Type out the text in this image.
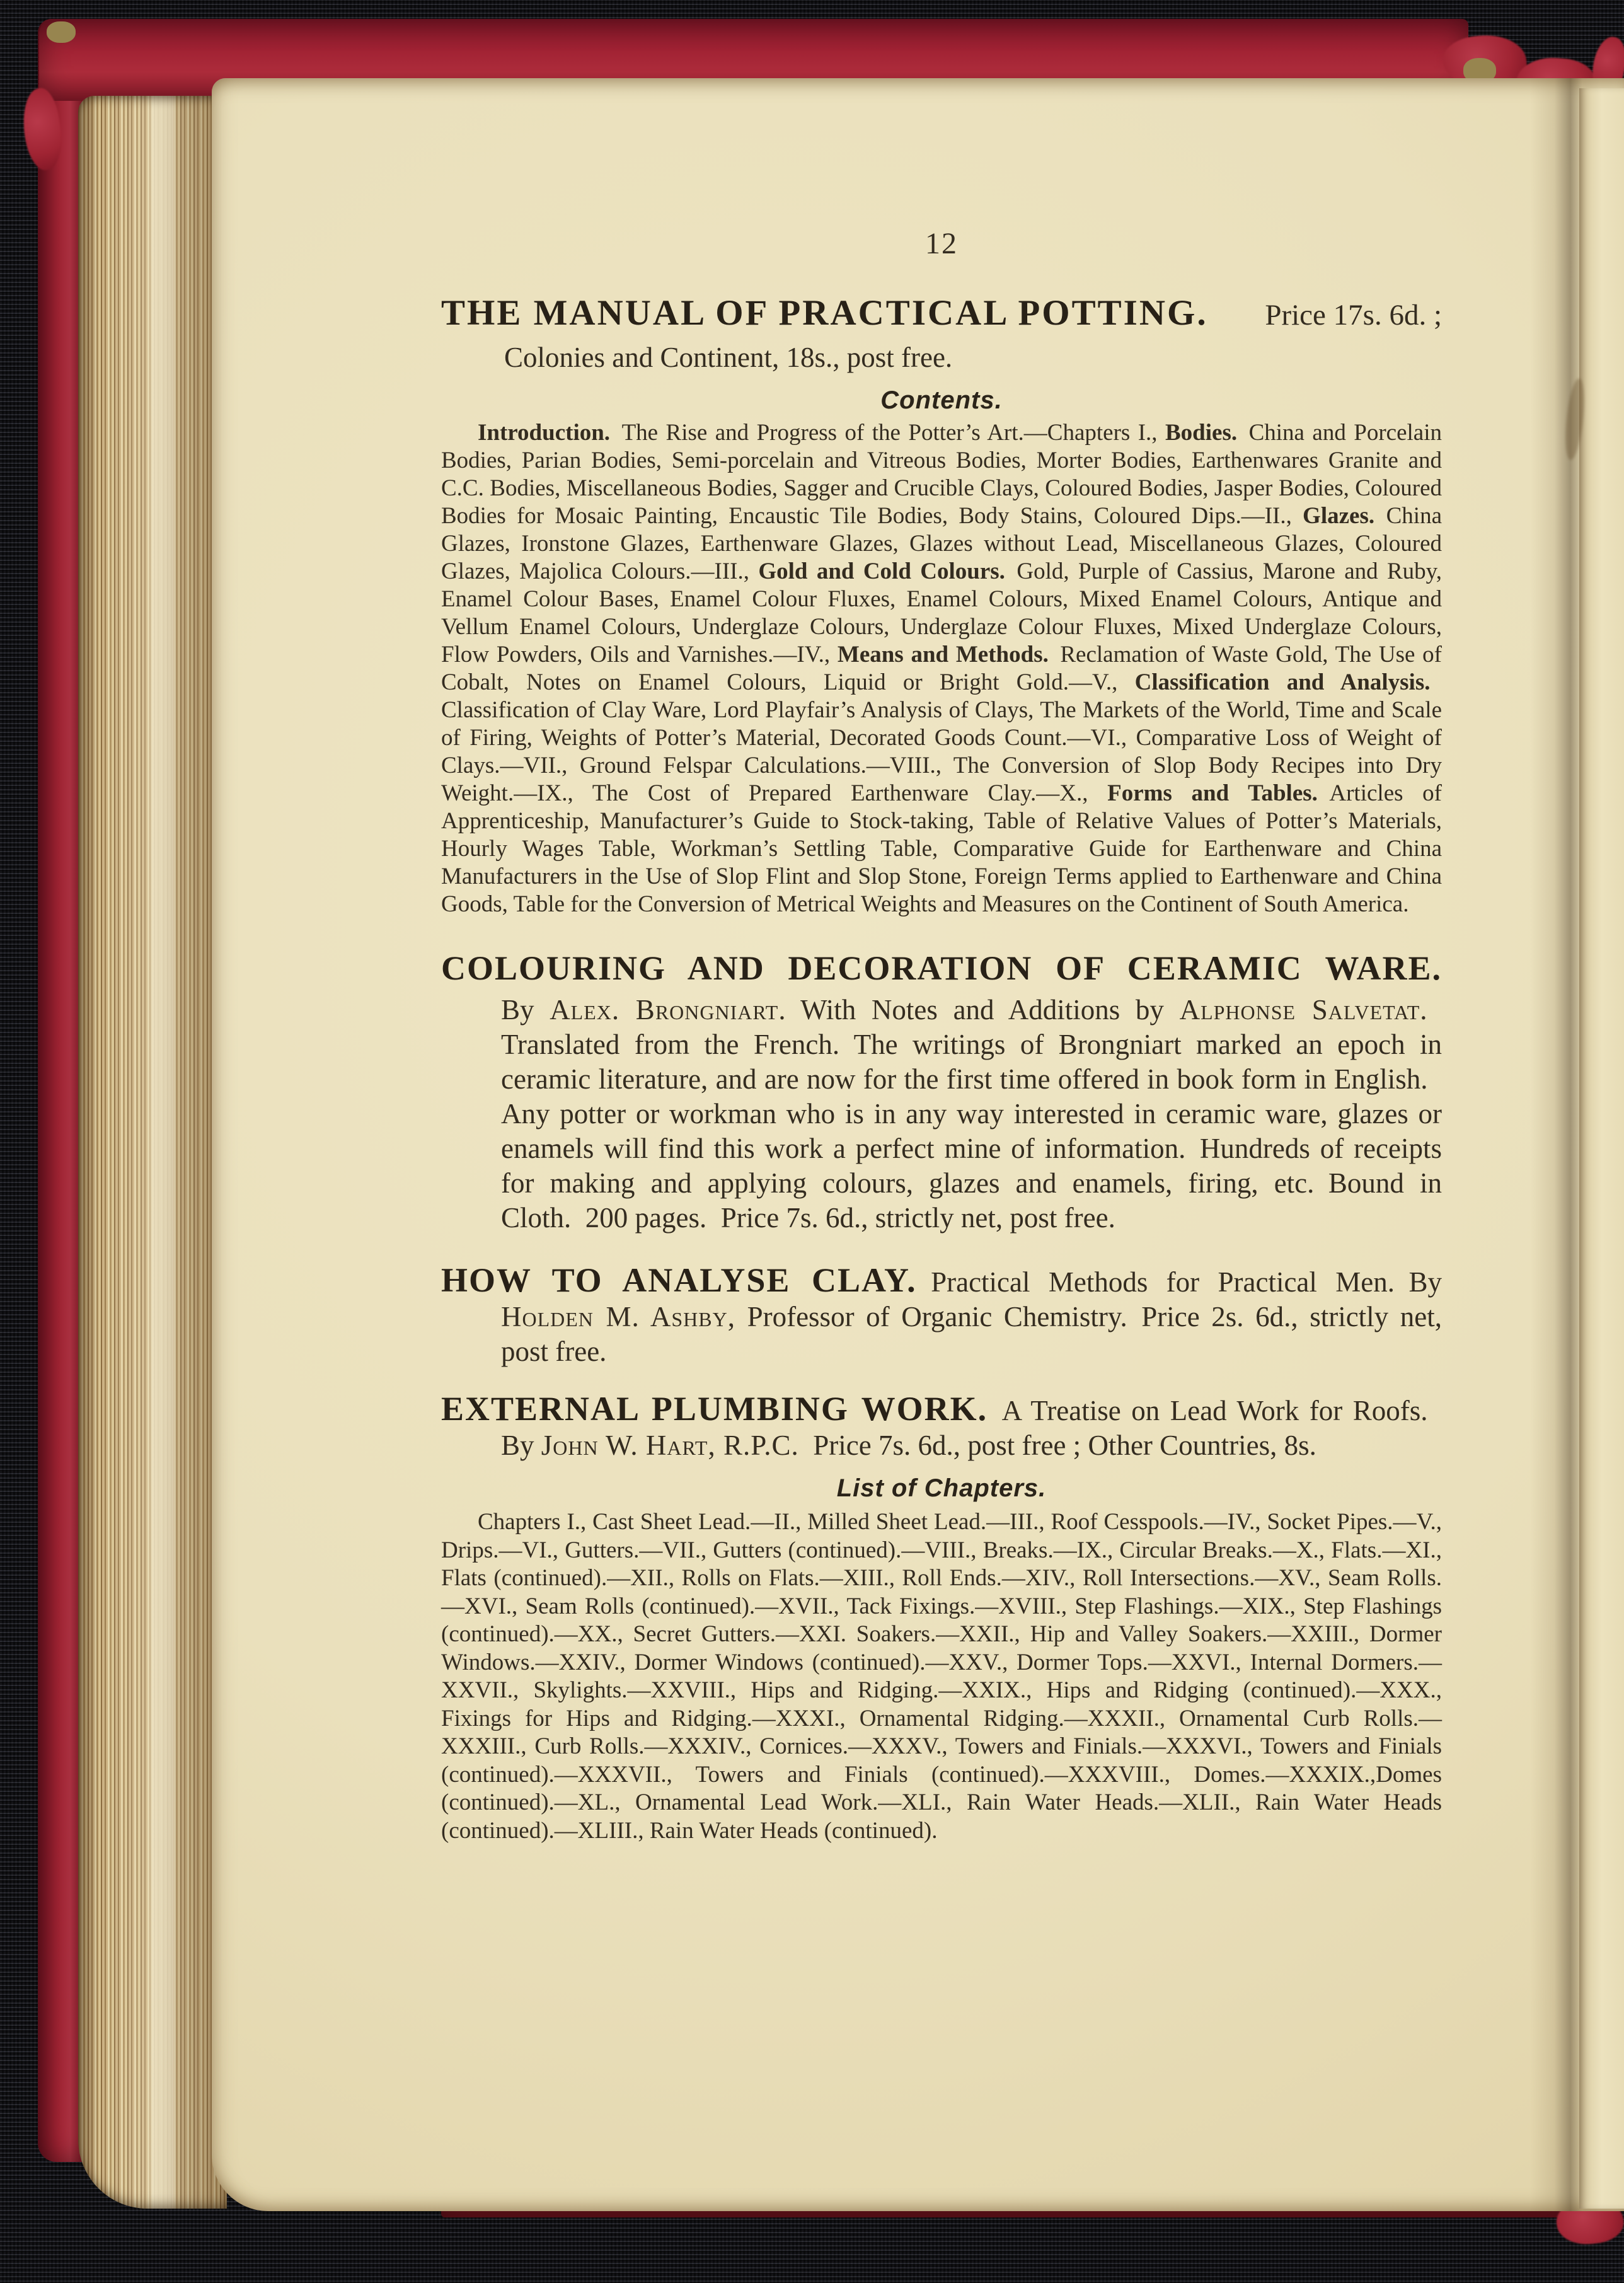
12
THE MANUAL OF PRACTICAL POTTING. Price 17s. 6d. ;
Colonies and Continent, 18s., post free.
Contents.

Introduction. The Rise and Progress of the Potter’s Art.—Chapters I., Bodies. China and Porcelain Bodies, Parian Bodies, Semi-porcelain and Vitreous Bodies, Morter Bodies, Earthenwares Granite and C.C. Bodies, Miscellaneous Bodies, Sagger and Crucible Clays, Coloured Bodies, Jasper Bodies, Coloured Bodies for Mosaic Painting, Encaustic Tile Bodies, Body Stains, Coloured Dips.—II., Glazes. China Glazes, Ironstone Glazes, Earthenware Glazes, Glazes without Lead, Miscellaneous Glazes, Coloured Glazes, Majolica Colours.—III., Gold and Cold Colours. Gold, Purple of Cassius, Marone and Ruby, Enamel Colour Bases, Enamel Colour Fluxes, Enamel Colours, Mixed Enamel Colours, Antique and Vellum Enamel Colours, Underglaze Colours, Underglaze Colour Fluxes, Mixed Underglaze Colours, Flow Powders, Oils and Varnishes.—IV., Means and Methods. Reclamation of Waste Gold, The Use of Cobalt, Notes on Enamel Colours, Liquid or Bright Gold.—V., Classification and Analysis. Classification of Clay Ware, Lord Playfair’s Analysis of Clays, The Markets of the World, Time and Scale of Firing, Weights of Potter’s Material, Decorated Goods Count.—VI., Comparative Loss of Weight of Clays.—VII., Ground Felspar Calculations.—VIII., The Conversion of Slop Body Recipes into Dry Weight.—IX., The Cost of Prepared Earthenware Clay.—X., Forms and Tables. Articles of Apprenticeship, Manufacturer’s Guide to Stock-taking, Table of Relative Values of Potter’s Materials, Hourly Wages Table, Workman’s Settling Table, Comparative Guide for Earthenware and China Manufacturers in the Use of Slop Flint and Slop Stone, Foreign Terms applied to Earthenware and China Goods, Table for the Conversion of Metrical Weights and Measures on the Continent of South America.

COLOURING AND DECORATION OF CERAMIC WARE.

By Alex. Brongniart. With Notes and Additions by Alphonse Salvetat. Translated from the French. The writings of Brongniart marked an epoch in ceramic literature, and are now for the first time offered in book form in English. Any potter or workman who is in any way interested in ceramic ware, glazes or enamels will find this work a perfect mine of information. Hundreds of receipts for making and applying colours, glazes and enamels, firing, etc. Bound in Cloth. 200 pages. Price 7s. 6d., strictly net, post free.

HOW TO ANALYSE CLAY. Practical Methods for Practical Men. By Holden M. Ashby, Professor of Organic Chemistry. Price 2s. 6d., strictly net, post free.

EXTERNAL PLUMBING WORK. A Treatise on Lead Work for Roofs. By John W. Hart, R.P.C. Price 7s. 6d., post free ; Other Countries, 8s.

List of Chapters.

Chapters I., Cast Sheet Lead.—II., Milled Sheet Lead.—III., Roof Cesspools.—IV., Socket Pipes.—V., Drips.—VI., Gutters.—VII., Gutters (continued).—VIII., Breaks.—IX., Circular Breaks.—X., Flats.—XI., Flats (continued).—XII., Rolls on Flats.—XIII., Roll Ends.—XIV., Roll Intersections.—XV., Seam Rolls.—XVI., Seam Rolls (continued).—XVII., Tack Fixings.—XVIII., Step Flashings.—XIX., Step Flashings (continued).—XX., Secret Gutters.—XXI. Soakers.—XXII., Hip and Valley Soakers.—XXIII., Dormer Windows.—XXIV., Dormer Windows (continued).—XXV., Dormer Tops.—XXVI., Internal Dormers.—XXVII., Skylights.—XXVIII., Hips and Ridging.—XXIX., Hips and Ridging (continued).—XXX., Fixings for Hips and Ridging.—XXXI., Ornamental Ridging.—XXXII., Ornamental Curb Rolls.—XXXIII., Curb Rolls.—XXXIV., Cornices.—XXXV., Towers and Finials.—XXXVI., Towers and Finials (continued).—XXXVII., Towers and Finials (continued).—XXXVIII., Domes.—XXXIX.,Domes (continued).—XL., Ornamental Lead Work.—XLI., Rain Water Heads.—XLII., Rain Water Heads (continued).—XLIII., Rain Water Heads (continued).
